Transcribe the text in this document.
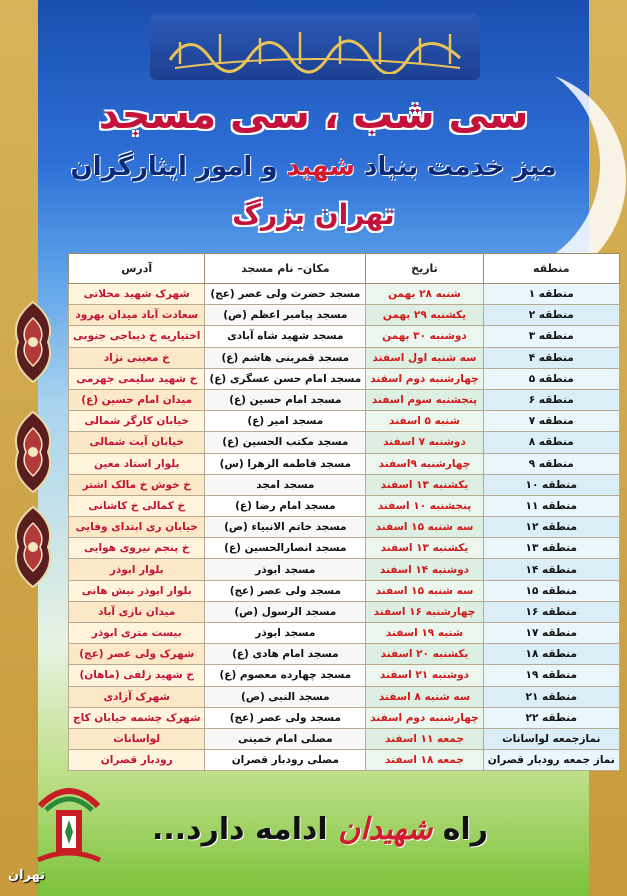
سی شب ، سی مسجد
میز خدمت بنیاد شهید و امور ایثارگران
تهران بزرگ
منطقه	تاریخ	مکان– نام مسجد	آدرس
منطقه ۱	شنبه ۲۸ بهمن	مسجد حضرت ولی عصر (عج)	شهرک شهید محلاتی
منطقه ۲	یکشنبه ۲۹ بهمن	مسجد پیامبر اعظم (ص)	سعادت آباد میدان بهرود
منطقه ۳	دوشنبه ۳۰ بهمن	مسجد شهید شاه آبادی	اختیاریه خ دیباجی جنوبی
منطقه ۴	سه شنبه اول اسفند	مسجد قمربنی هاشم (ع)	خ معینی نژاد
منطقه ۵	چهارشنبه دوم اسفند	مسجد امام حسن عسگری (ع)	خ شهید سلیمی جهرمی
منطقه ۶	پنجشنبه سوم اسفند	مسجد امام حسین (ع)	میدان امام حسین (ع)
منطقه ۷	شنبه ۵ اسفند	مسجد امیر (ع)	خیابان کارگر شمالی
منطقه ۸	دوشنبه ۷ اسفند	مسجد مکتب الحسین (ع)	خیابان آیت شمالی
منطقه ۹	چهارشنبه ۹اسفند	مسجد فاطمه الزهرا (س)	بلوار استاد معین
منطقه ۱۰	یکشنبه ۱۳ اسفند	مسجد امجد	خ خوش خ مالک اشتر
منطقه ۱۱	پنجشنبه ۱۰ اسفند	مسجد امام رضا (ع)	خ کمالی خ کاشانی
منطقه ۱۲	سه شنبه ۱۵ اسفند	مسجد خاتم الانبیاء (ص)	خیابان ری ابتدای وفایی
منطقه ۱۳	یکشنبه ۱۳ اسفند	مسجد انصارالحسین (ع)	خ پنجم نیروی هوایی
منطقه ۱۴	دوشنبه ۱۴ اسفند	مسجد ابوذر	بلوار ابوذر
منطقه ۱۵	سه شنبه ۱۵ اسفند	مسجد ولی عصر (عج)	بلوار ابوذر نبش هانی
منطقه ۱۶	چهارشنبه ۱۶ اسفند	مسجد الرسول (ص)	میدان نازی آباد
منطقه ۱۷	شنبه ۱۹ اسفند	مسجد ابوذر	بیست متری ابوذر
منطقه ۱۸	یکشنبه ۲۰ اسفند	مسجد امام هادی (ع)	شهرک ولی عصر (عج)
منطقه ۱۹	دوشنبه ۲۱ اسفند	مسجد چهارده معصوم (ع)	خ شهید زلفی (ماهان)
منطقه ۲۱	سه شنبه ۸ اسفند	مسجد النبی (ص)	شهرک آزادی
منطقه ۲۲	چهارشنبه دوم اسفند	مسجد ولی عصر (عج)	شهرک چشمه خیابان کاج
نمازجمعه لواسانات	جمعه ۱۱ اسفند	مصلی امام خمینی	لواسانات
نماز جمعه رودبار قصران	جمعه ۱۸ اسفند	مصلی رودبار قصران	رودبار قصران
راه شهیدان ادامه دارد...
تهران
